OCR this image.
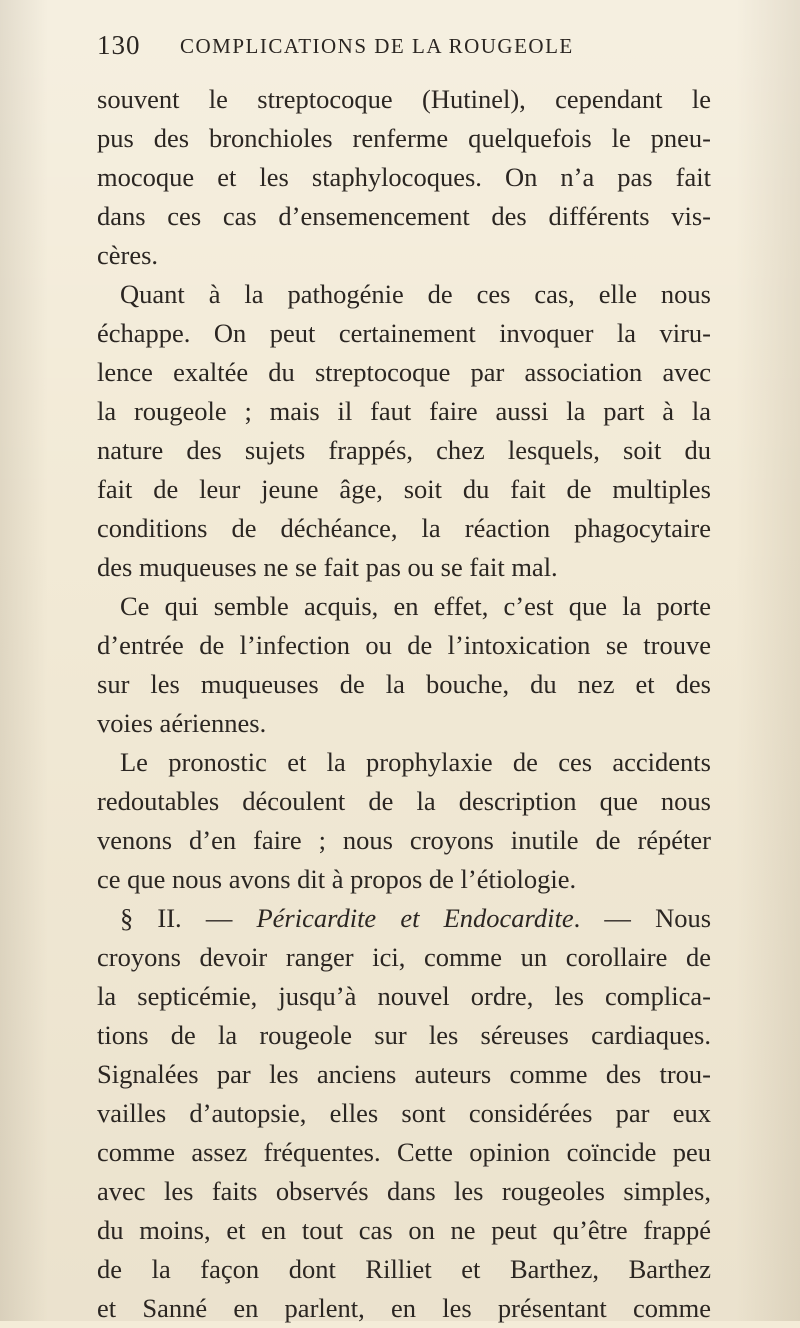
130 COMPLICATIONS DE LA ROUGEOLE
souvent le streptocoque (Hutinel), cependant le
pus des bronchioles renferme quelquefois le pneu-
mocoque et les staphylocoques. On n’a pas fait
dans ces cas d’ensemencement des différents vis-
cères.
Quant à la pathogénie de ces cas, elle nous
échappe. On peut certainement invoquer la viru-
lence exaltée du streptocoque par association avec
la rougeole ; mais il faut faire aussi la part à la
nature des sujets frappés, chez lesquels, soit du
fait de leur jeune âge, soit du fait de multiples
conditions de déchéance, la réaction phagocytaire
des muqueuses ne se fait pas ou se fait mal.
Ce qui semble acquis, en effet, c’est que la porte
d’entrée de l’infection ou de l’intoxication se trouve
sur les muqueuses de la bouche, du nez et des
voies aériennes.
Le pronostic et la prophylaxie de ces accidents
redoutables découlent de la description que nous
venons d’en faire ; nous croyons inutile de répéter
ce que nous avons dit à propos de l’étiologie.
§ II. — Péricardite et Endocardite. — Nous
croyons devoir ranger ici, comme un corollaire de
la septicémie, jusqu’à nouvel ordre, les complica-
tions de la rougeole sur les séreuses cardiaques.
Signalées par les anciens auteurs comme des trou-
vailles d’autopsie, elles sont considérées par eux
comme assez fréquentes. Cette opinion coïncide peu
avec les faits observés dans les rougeoles simples,
du moins, et en tout cas on ne peut qu’être frappé
de la façon dont Rilliet et Barthez, Barthez
et Sanné en parlent, en les présentant comme
